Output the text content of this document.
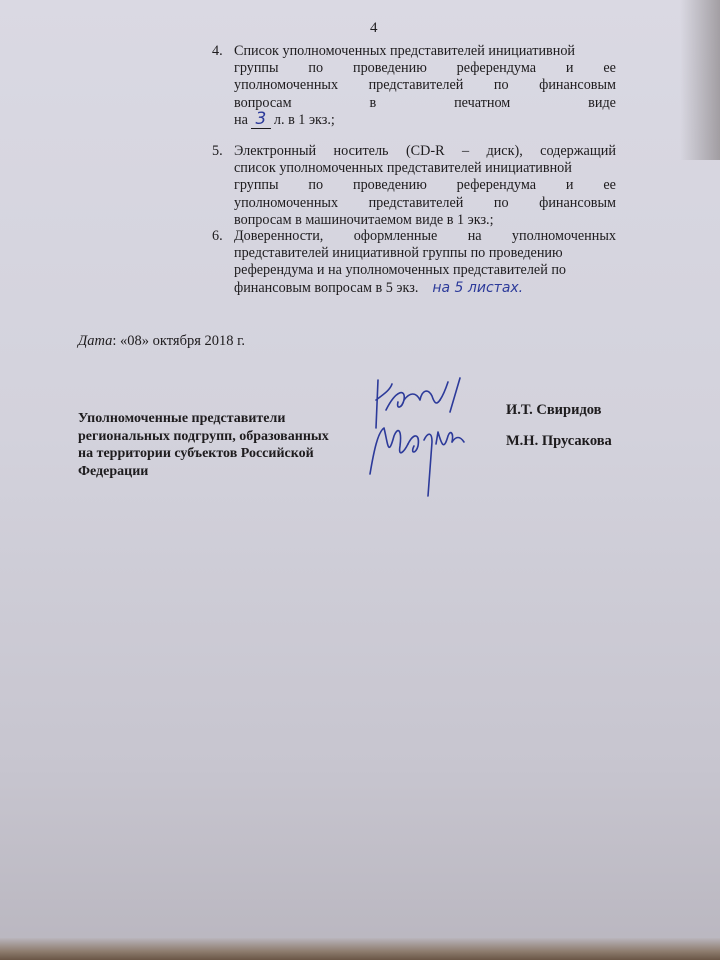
4
4. Список уполномоченных представителей инициативной
группы по проведению референдума и ее
уполномоченных представителей по финансовым
вопросам	в	печатном	виде
на 3 л. в 1 экз.;
5. Электронный носитель (CD-R – диск), содержащий
список уполномоченных представителей инициативной
группы по проведению референдума и ее
уполномоченных представителей по финансовым
вопросам в машиночитаемом виде в 1 экз.;
6. Доверенности, оформленные на уполномоченных
представителей инициативной группы по проведению
референдума и на уполномоченных представителей по
финансовым вопросам в 5 экз. на 5 листах.
Дата: «08» октября 2018 г.
Уполномоченные представители
региональных подгрупп, образованных
на территории субъектов Российской
Федерации
И.Т. Свиридов
М.Н. Прусакова
